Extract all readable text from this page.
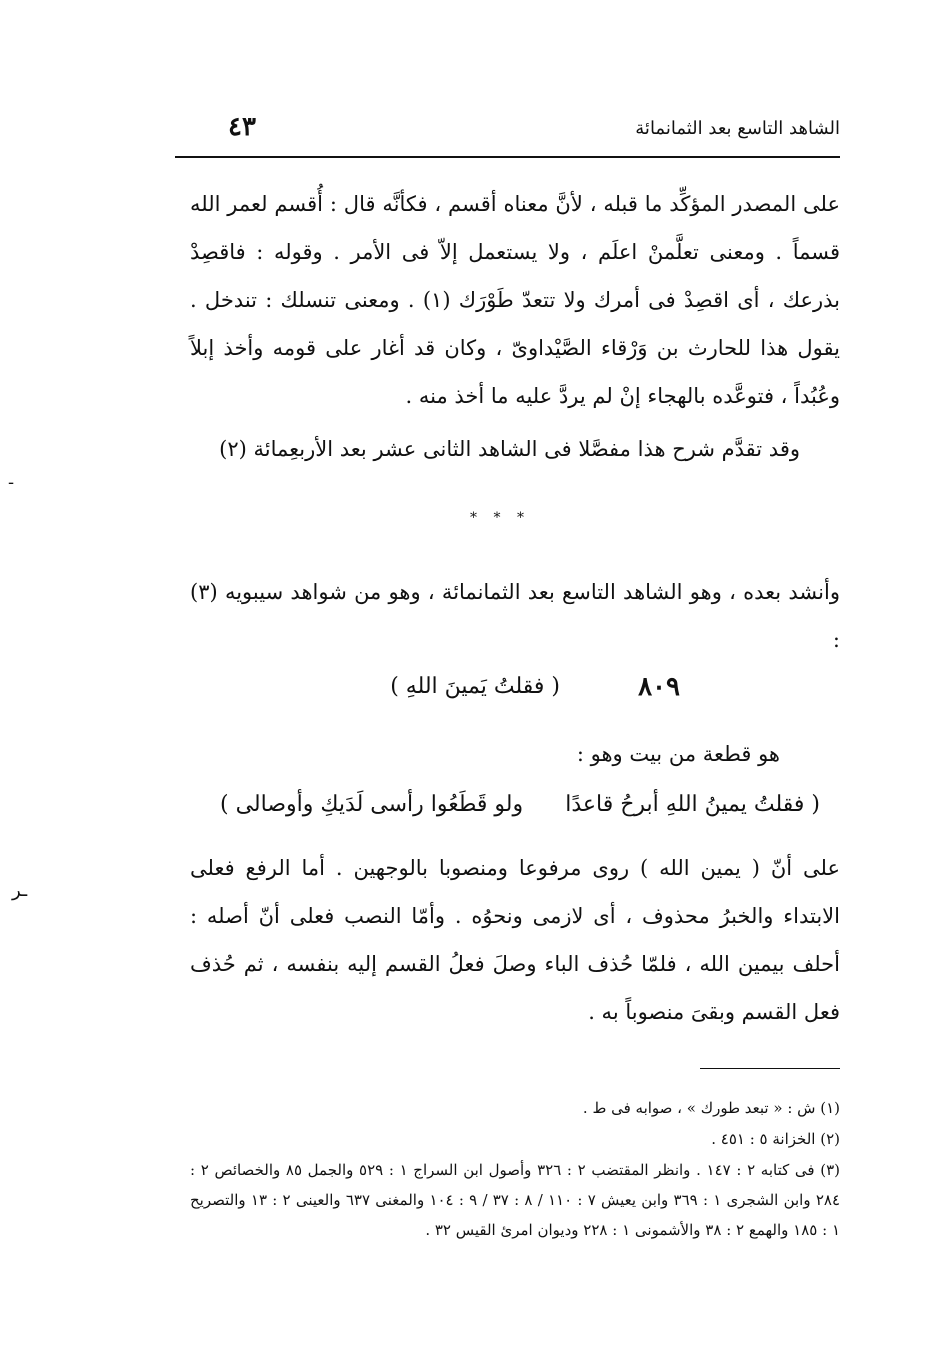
الشاهد التاسع بعد الثمانمائة
٤٣
على المصدر المؤكِّد ما قبله ، لأنَّ معناه أقسم ، فكأنَّه قال : أُقسم لعمر الله قسماً . ومعنى تعلَّمنْ اعلَم ، ولا يستعمل إلاّ فى الأمر . وقوله : فاقصِدْ بذرعك ، أى اقصِدْ فى أمرك ولا تتعدّ طَوْرَك (١) . ومعنى تنسلك : تندخل . يقول هذا للحارث بن وَرْقاء الصَّيْداوىّ ، وكان قد أغار على قومه وأخذ إبلاً وعُبُداً ، فتوعَّده بالهجاء إنْ لم يردَّ عليه ما أخذ منه .
وقد تقدَّم شرح هذا مفصَّلا فى الشاهد الثانى عشر بعد الأربعِمائة (٢)
* * *
وأنشد بعده ، وهو الشاهد التاسع بعد الثمانمائة ، وهو من شواهد سيبويه (٣) :
٨٠٩
( فقلتُ يَمينَ اللهِ )
هو قطعة من بيت وهو :
( فقلتُ يمينُ اللهِ أبرحُ قاعدًا
ولو قَطَعُوا رأسى لَدَيكِ وأوصالى )
على أنّ ( يمين الله ) روى مرفوعا ومنصوبا بالوجهين . أما الرفع فعلى الابتداء والخبرُ محذوف ، أى لازمى ونحوُه . وأمّا النصب فعلى أنّ أصله : أحلف بيمين الله ، فلمّا حُذف الباء وصلَ فعلُ القسم إليه بنفسه ، ثم حُذف فعل القسم وبقىَ منصوباً به .
(١) ش : « تبعد طورك » ، صوابه فى ط .
(٢) الخزانة ٥ : ٤٥١ .
(٣) فى كتابه ٢ : ١٤٧ . وانظر المقتضب ٢ : ٣٢٦ وأصول ابن السراج ١ : ٥٢٩ والجمل ٨٥ والخصائص ٢ : ٢٨٤ وابن الشجرى ١ : ٣٦٩ وابن يعيش ٧ : ١١٠ / ٨ : ٣٧ / ٩ : ١٠٤ والمغنى ٦٣٧ والعينى ٢ : ١٣ والتصريح ١ : ١٨٥ والهمع ٢ : ٣٨ والأشمونى ١ : ٢٢٨ وديوان امرئ القيس ٣٢ .
-
ـر
